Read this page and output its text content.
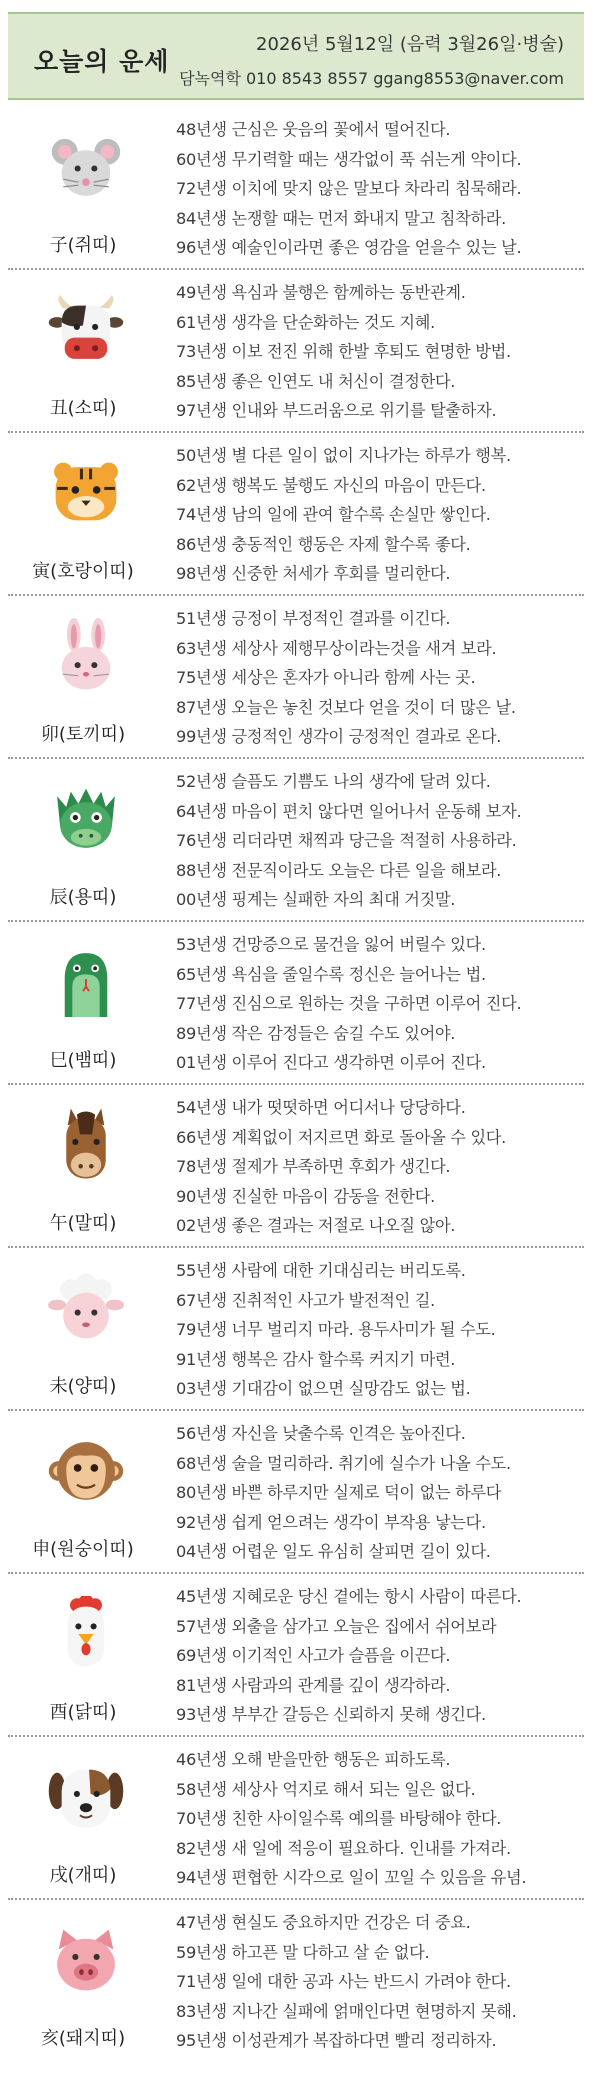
오늘의 운세
2026년 5월12일 (음력 3월26일·병술)
담녹역학 010 8543 8557 ggang8553@naver.com
子(쥐띠)
48년생 근심은 웃음의 꽃에서 떨어진다.
60년생 무기력할 때는 생각없이 푹 쉬는게 약이다.
72년생 이치에 맞지 않은 말보다 차라리 침묵해라.
84년생 논쟁할 때는 먼저 화내지 말고 침착하라.
96년생 예술인이라면 좋은 영감을 얻을수 있는 날.
丑(소띠)
49년생 욕심과 불행은 함께하는 동반관계.
61년생 생각을 단순화하는 것도 지혜.
73년생 이보 전진 위해 한발 후퇴도 현명한 방법.
85년생 좋은 인연도 내 처신이 결정한다.
97년생 인내와 부드러움으로 위기를 탈출하자.
寅(호랑이띠)
50년생 별 다른 일이 없이 지나가는 하루가 행복.
62년생 행복도 불행도 자신의 마음이 만든다.
74년생 남의 일에 관여 할수록 손실만 쌓인다.
86년생 충동적인 행동은 자제 할수록 좋다.
98년생 신중한 처세가 후회를 멀리한다.
卯(토끼띠)
51년생 긍정이 부정적인 결과를 이긴다.
63년생 세상사 제행무상이라는것을 새겨 보라.
75년생 세상은 혼자가 아니라 함께 사는 곳.
87년생 오늘은 놓친 것보다 얻을 것이 더 많은 날.
99년생 긍정적인 생각이 긍정적인 결과로 온다.
辰(용띠)
52년생 슬픔도 기쁨도 나의 생각에 달려 있다.
64년생 마음이 편치 않다면 일어나서 운동해 보자.
76년생 리더라면 채찍과 당근을 적절히 사용하라.
88년생 전문직이라도 오늘은 다른 일을 해보라.
00년생 핑계는 실패한 자의 최대 거짓말.
巳(뱀띠)
53년생 건망증으로 물건을 잃어 버릴수 있다.
65년생 욕심을 줄일수록 정신은 늘어나는 법.
77년생 진심으로 원하는 것을 구하면 이루어 진다.
89년생 작은 감정들은 숨길 수도 있어야.
01년생 이루어 진다고 생각하면 이루어 진다.
午(말띠)
54년생 내가 떳떳하면 어디서나 당당하다.
66년생 계획없이 저지르면 화로 돌아올 수 있다.
78년생 절제가 부족하면 후회가 생긴다.
90년생 진실한 마음이 감동을 전한다.
02년생 좋은 결과는 저절로 나오질 않아.
未(양띠)
55년생 사람에 대한 기대심리는 버리도록.
67년생 진취적인 사고가 발전적인 길.
79년생 너무 벌리지 마라. 용두사미가 될 수도.
91년생 행복은 감사 할수록 커지기 마련.
03년생 기대감이 없으면 실망감도 없는 법.
申(원숭이띠)
56년생 자신을 낮출수록 인격은 높아진다.
68년생 술을 멀리하라. 취기에 실수가 나올 수도.
80년생 바쁜 하루지만 실제로 덕이 없는 하루다
92년생 쉽게 얻으려는 생각이 부작용 낳는다.
04년생 어렵운 일도 유심히 살피면 길이 있다.
酉(닭띠)
45년생 지혜로운 당신 곁에는 항시 사람이 따른다.
57년생 외출을 삼가고 오늘은 집에서 쉬어보라
69년생 이기적인 사고가 슬픔을 이끈다.
81년생 사람과의 관계를 깊이 생각하라.
93년생 부부간 갈등은 신뢰하지 못해 생긴다.
戌(개띠)
46년생 오해 받을만한 행동은 피하도록.
58년생 세상사 억지로 해서 되는 일은 없다.
70년생 친한 사이일수록 예의를 바탕해야 한다.
82년생 새 일에 적응이 필요하다. 인내를 가져라.
94년생 편협한 시각으로 일이 꼬일 수 있음을 유념.
亥(돼지띠)
47년생 현실도 중요하지만 건강은 더 중요.
59년생 하고픈 말 다하고 살 순 없다.
71년생 일에 대한 공과 사는 반드시 가려야 한다.
83년생 지나간 실패에 얽매인다면 현명하지 못해.
95년생 이성관계가 복잡하다면 빨리 정리하자.
